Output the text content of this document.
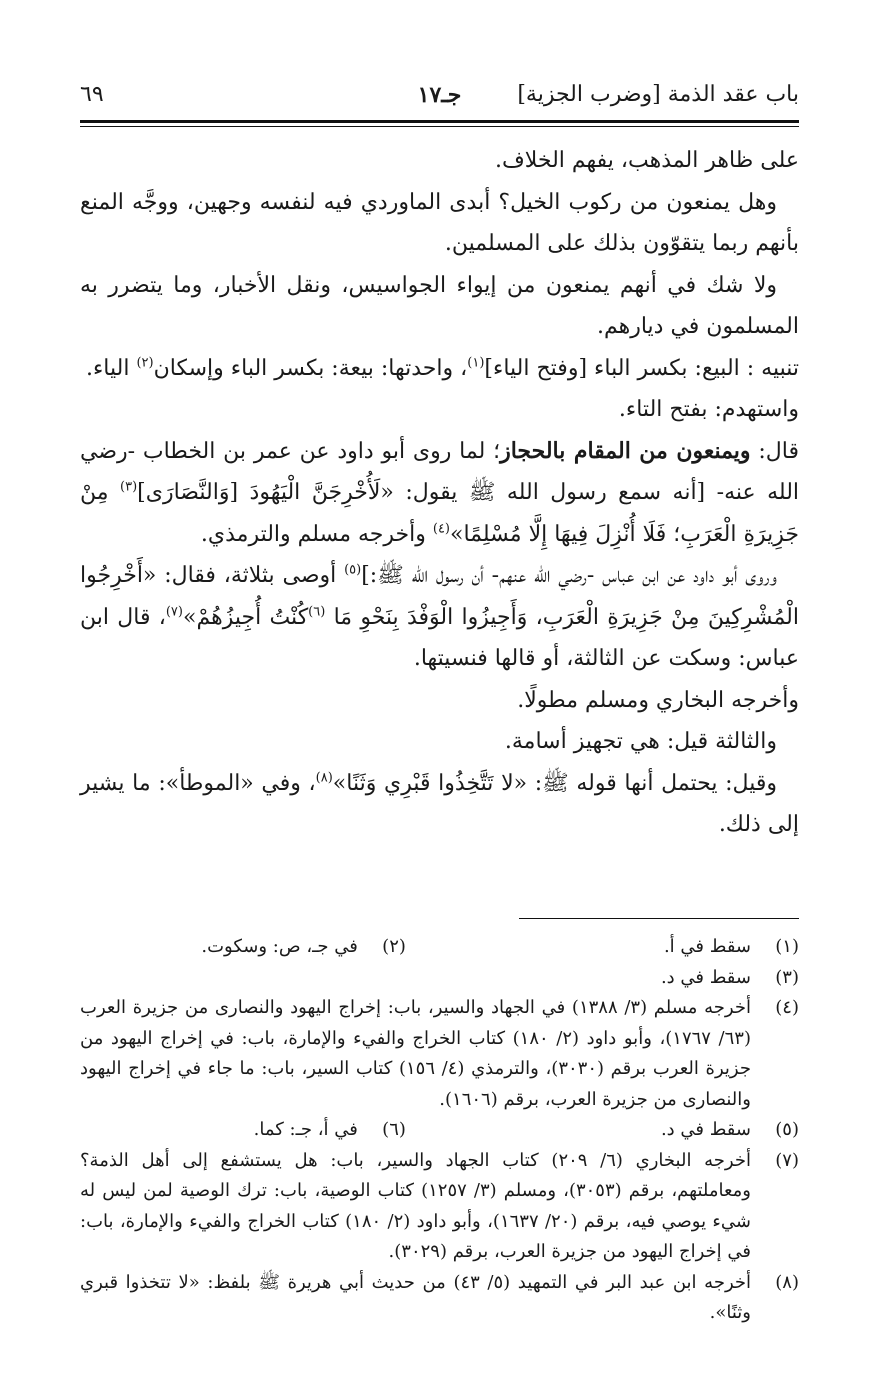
باب عقد الذمة [وضرب الجزية]
جـ١٧
٦٩

على ظاهر المذهب، يفهم الخلاف.

وهل يمنعون من ركوب الخيل؟ أبدى الماوردي فيه لنفسه وجهين، ووجَّه المنع بأنهم ربما يتقوّون بذلك على المسلمين.

ولا شك في أنهم يمنعون من إيواء الجواسيس، ونقل الأخبار، وما يتضرر به المسلمون في ديارهم.

تنبيه : البيع: بكسر الباء [وفتح الياء]$^{(١)}$، واحدتها: بيعة: بكسر الباء وإسكان$^{(٢)}$ الياء.

واستهدم: بفتح التاء.

قال: ويمنعون من المقام بالحجاز؛ لما روى أبو داود عن عمر بن الخطاب -رضي الله عنه- [أنه سمع رسول الله ﷺ يقول: «لَأُخْرِجَنَّ الْيَهُودَ [وَالنَّصَارَى]$^{(٣)}$ مِنْ جَزِيرَةِ الْعَرَبِ؛ فَلَا أُنْزِلَ فِيهَا إِلَّا مُسْلِمًا»$^{(٤)}$ وأخرجه مسلم والترمذي.

وروى أبو داود عن ابن عباس -رضي الله عنهم- أن رسول الله ﷺ:]$^{(٥)}$ أوصى بثلاثة، فقال: «أَخْرِجُوا الْمُشْرِكِينَ مِنْ جَزِيرَةِ الْعَرَبِ، وَأَجِيزُوا الْوَفْدَ بِنَحْوِ مَا $^{(٦)}$كُنْتُ أُجِيزُهُمْ»$^{(٧)}$، قال ابن عباس: وسكت عن الثالثة، أو قالها فنسيتها.

وأخرجه البخاري ومسلم مطولًا.

والثالثة قيل: هي تجهيز أسامة.

وقيل: يحتمل أنها قوله ﷺ: «لا تَتَّخِذُوا قَبْرِي وَثَنًا»$^{(٨)}$، وفي «الموطأ»: ما يشير إلى ذلك.

(١)
سقط في أ.
(٢)
في جـ، ص: وسكوت.
(٣)
سقط في د.
(٤)
أخرجه مسلم (٣/ ١٣٨٨) في الجهاد والسير، باب: إخراج اليهود والنصارى من جزيرة العرب (٦٣/ ١٧٦٧)، وأبو داود (٢/ ١٨٠) كتاب الخراج والفيء والإمارة، باب: في إخراج اليهود من جزيرة العرب برقم (٣٠٣٠)، والترمذي (٤/ ١٥٦) كتاب السير، باب: ما جاء في إخراج اليهود والنصارى من جزيرة العرب، برقم (١٦٠٦).
(٥)
سقط في د.
(٦)
في أ، جـ: كما.
(٧)
أخرجه البخاري (٦/ ٢٠٩) كتاب الجهاد والسير، باب: هل يستشفع إلى أهل الذمة؟ ومعاملتهم، برقم (٣٠٥٣)، ومسلم (٣/ ١٢٥٧) كتاب الوصية، باب: ترك الوصية لمن ليس له شيء يوصي فيه، برقم (٢٠/ ١٦٣٧)، وأبو داود (٢/ ١٨٠) كتاب الخراج والفيء والإمارة، باب: في إخراج اليهود من جزيرة العرب، برقم (٣٠٢٩).
(٨)
أخرجه ابن عبد البر في التمهيد (٥/ ٤٣) من حديث أبي هريرة ﷺ بلفظ: «لا تتخذوا قبري وثنًا».
